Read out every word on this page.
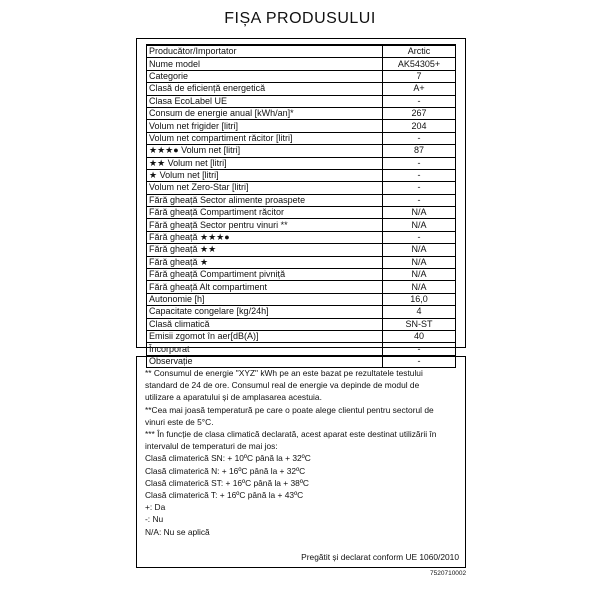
FIȘA PRODUSULUI
Producător/Importator	Arctic
Nume model	AK54305+
Categorie	7
Clasă de eficiență energetică	A+
Clasa EcoLabel UE	-
Consum de energie anual [kWh/an]*	267
Volum net frigider [litri]	204
Volum net compartiment răcitor [litri]	-
★★★● Volum net [litri]	87
★★ Volum net [litri]	-
★ Volum net [litri]	-
Volum net Zero-Star [litri]	-
Fără gheață Sector alimente proaspete	-
Fără gheață Compartiment răcitor	N/A
Fără gheață Sector pentru vinuri **	N/A
Fără gheață ★★★●	-
Fără gheață ★★	N/A
Fără gheață ★	N/A
Fără gheață Compartiment pivniță	N/A
Fără gheață Alt compartiment	N/A
Autonomie [h]	16,0
Capacitate congelare [kg/24h]	4
Clasă climatică	SN-ST
Emisii zgomot în aer[dB(A)]	40
Încorporat	-
Observație	-

** Consumul de energie "XYZ" kWh pe an este bazat pe rezultatele testului

standard de 24 de ore. Consumul real de energie va depinde de modul de

utilizare a aparatului și de amplasarea acestuia.

**Cea mai joasă temperatură pe care o poate alege clientul pentru sectorul de

vinuri este de 5°C.

*** În funcție de clasa climatică declarată, acest aparat este destinat utilizării în

intervalul de temperaturi de mai jos:

Clasă climaterică SN: + 10ºC până la + 32ºC

Clasă climaterică N: + 16ºC până la + 32ºC

Clasă climaterică ST: + 16ºC până la + 38ºC

Clasă climaterică T: + 16ºC până la + 43ºC

+: Da

-: Nu

N/A: Nu se aplică

Pregătit și declarat conform UE 1060/2010
7520710002
